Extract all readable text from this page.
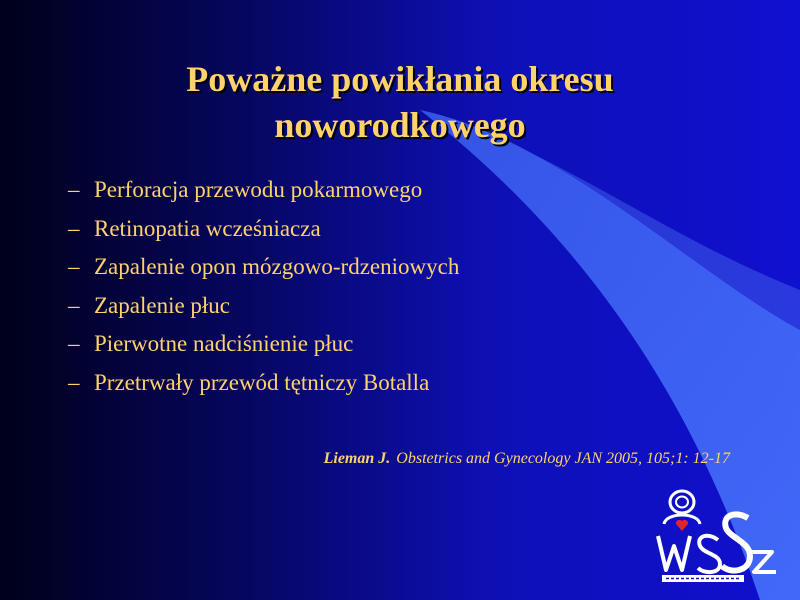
Poważne powikłania okresu noworodkowego
– Perforacja przewodu pokarmowego
– Retinopatia wcześniacza
– Zapalenie opon mózgowo-rdzeniowych
– Zapalenie płuc
– Pierwotne nadciśnienie płuc
– Przetrwały przewód tętniczy Botalla
Lieman J. Obstetrics and Gynecology JAN 2005, 105;1: 12-17
